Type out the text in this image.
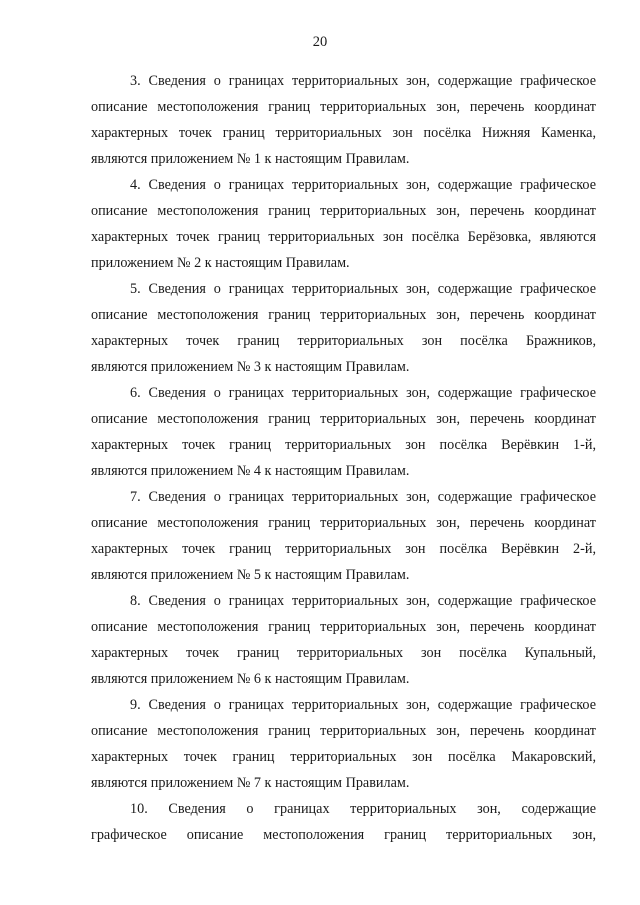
20
3. Сведения о границах территориальных зон, содержащие графическое
описание местоположения границ территориальных зон, перечень координат
характерных точек границ территориальных зон посёлка Нижняя Каменка,
являются приложением № 1 к настоящим Правилам.
4. Сведения о границах территориальных зон, содержащие графическое
описание местоположения границ территориальных зон, перечень координат
характерных точек границ территориальных зон посёлка Берёзовка, являются
приложением № 2 к настоящим Правилам.
5. Сведения о границах территориальных зон, содержащие графическое
описание местоположения границ территориальных зон, перечень координат
характерных точек границ территориальных зон посёлка Бражников,
являются приложением № 3 к настоящим Правилам.
6. Сведения о границах территориальных зон, содержащие графическое
описание местоположения границ территориальных зон, перечень координат
характерных точек границ территориальных зон посёлка Верёвкин 1-й,
являются приложением № 4 к настоящим Правилам.
7. Сведения о границах территориальных зон, содержащие графическое
описание местоположения границ территориальных зон, перечень координат
характерных точек границ территориальных зон посёлка Верёвкин 2-й,
являются приложением № 5 к настоящим Правилам.
8. Сведения о границах территориальных зон, содержащие графическое
описание местоположения границ территориальных зон, перечень координат
характерных точек границ территориальных зон посёлка Купальный,
являются приложением № 6 к настоящим Правилам.
9. Сведения о границах территориальных зон, содержащие графическое
описание местоположения границ территориальных зон, перечень координат
характерных точек границ территориальных зон посёлка Макаровский,
являются приложением № 7 к настоящим Правилам.
10. Сведения о границах территориальных зон, содержащие
графическое описание местоположения границ территориальных зон,
